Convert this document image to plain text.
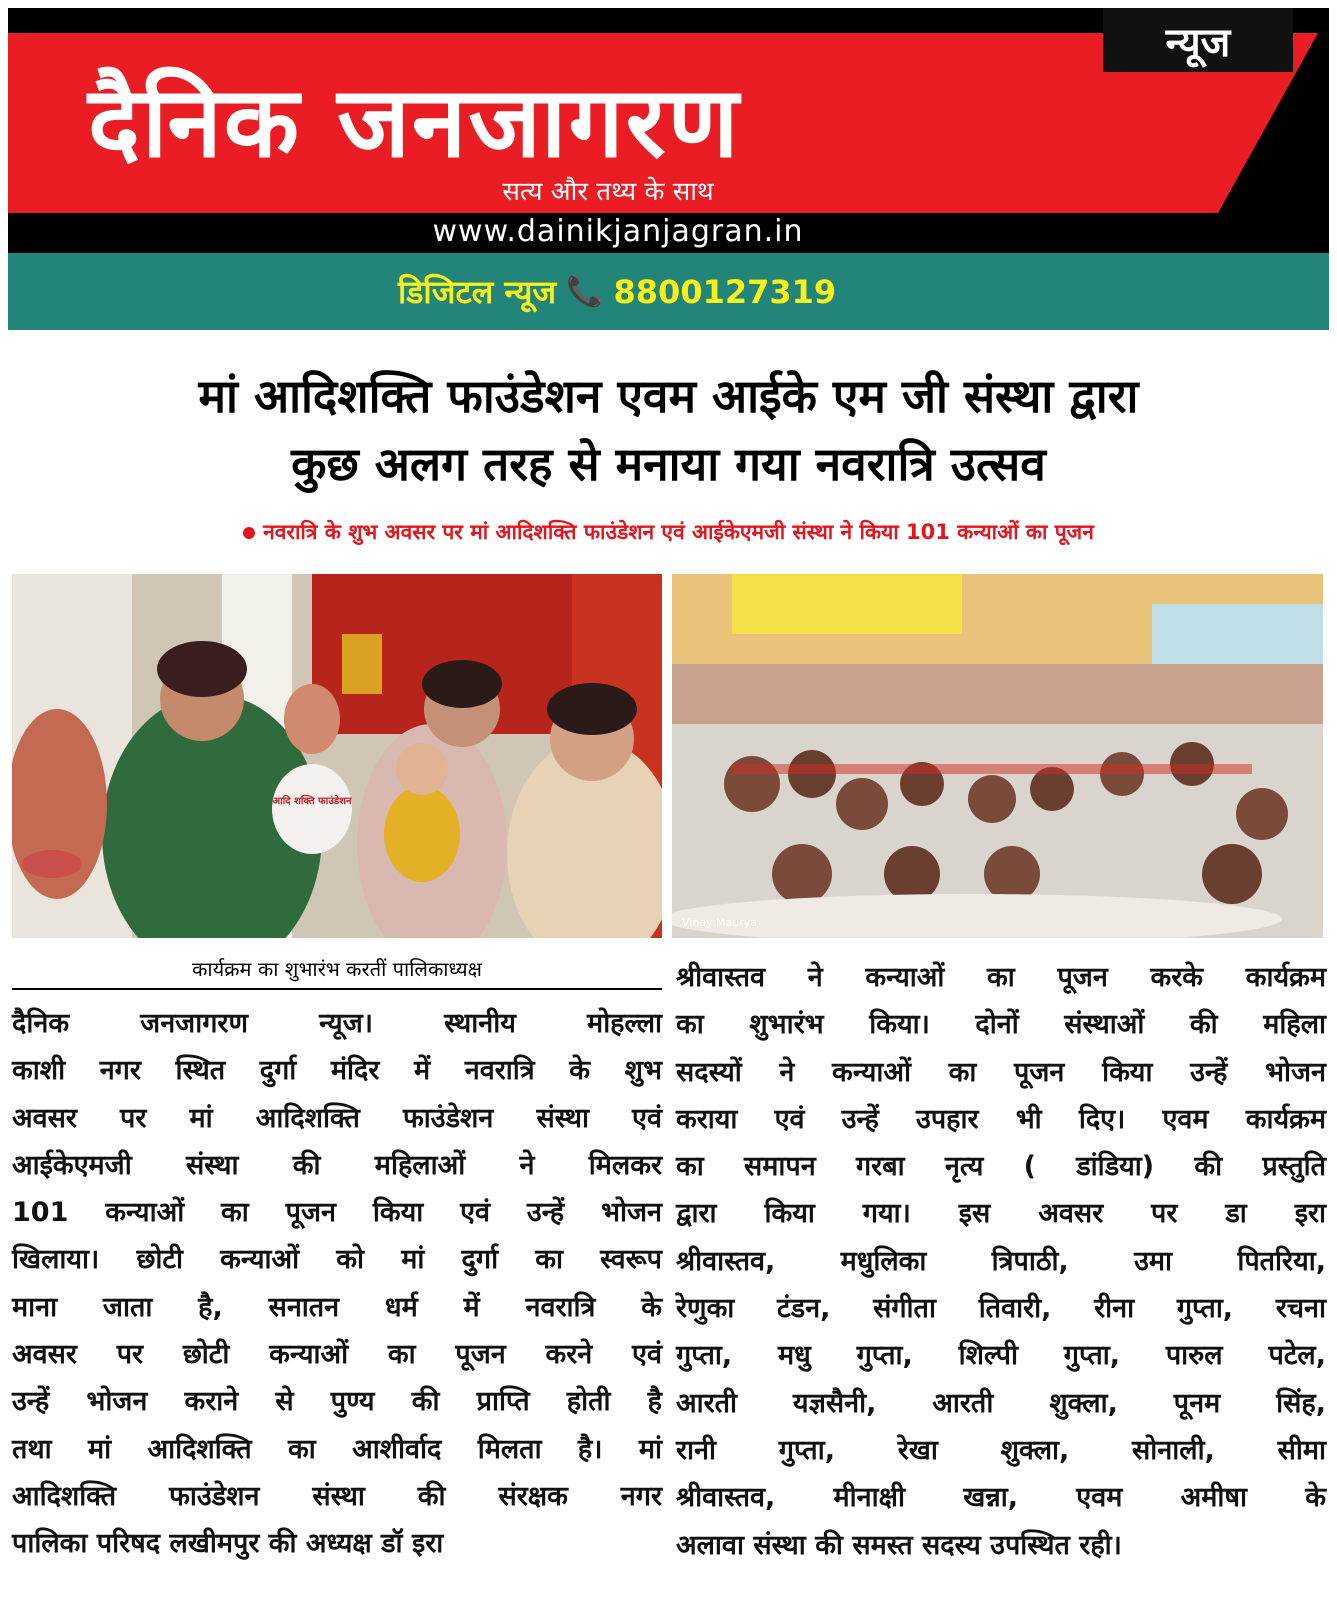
न्यूज
दैनिक जनजागरण
सत्य और तथ्य के साथ
www.dainikjanjagran.in
डिजिटल न्यूज 📞 8800127319
मां आदिशक्ति फाउंडेशन एवम आईके एम जी संस्था द्वारा
कुछ अलग तरह से मनाया गया नवरात्रि उत्सव
नवरात्रि के शुभ अवसर पर मां आदिशक्ति फाउंडेशन एवं आईकेएमजी संस्था ने किया 101 कन्याओं का पूजन
आदि शक्ति फाउंडेशन
Vinay Maurya
कार्यक्रम का शुभारंभ करतीं पालिकाध्यक्ष
दैनिक जनजागरण न्यूज। स्थानीय मोहल्ला
काशी नगर स्थित दुर्गा मंदिर में नवरात्रि के शुभ
अवसर पर मां आदिशक्ति फाउंडेशन संस्था एवं
आईकेएमजी संस्था की महिलाओं ने मिलकर
101 कन्याओं का पूजन किया एवं उन्हें भोजन
खिलाया। छोटी कन्याओं को मां दुर्गा का स्वरूप
माना जाता है, सनातन धर्म में नवरात्रि के
अवसर पर छोटी कन्याओं का पूजन करने एवं
उन्हें भोजन कराने से पुण्य की प्राप्ति होती है
तथा मां आदिशक्ति का आशीर्वाद मिलता है। मां
आदिशक्ति फाउंडेशन संस्था की संरक्षक नगर
पालिका परिषद लखीमपुर की अध्यक्ष डॉ इरा
श्रीवास्तव ने कन्याओं का पूजन करके कार्यक्रम
का शुभारंभ किया। दोनों संस्थाओं की महिला
सदस्यों ने कन्याओं का पूजन किया उन्हें भोजन
कराया एवं उन्हें उपहार भी दिए। एवम कार्यक्रम
का समापन गरबा नृत्य ( डांडिया) की प्रस्तुति
द्वारा किया गया। इस अवसर पर डा इरा
श्रीवास्तव, मधुलिका त्रिपाठी, उमा पितरिया,
रेणुका टंडन, संगीता तिवारी, रीना गुप्ता, रचना
गुप्ता, मधु गुप्ता, शिल्पी गुप्ता, पारुल पटेल,
आरती यज्ञसैनी, आरती शुक्ला, पूनम सिंह,
रानी गुप्ता, रेखा शुक्ला, सोनाली, सीमा
श्रीवास्तव, मीनाक्षी खन्ना, एवम अमीषा के
अलावा संस्था की समस्त सदस्य उपस्थित रही।
